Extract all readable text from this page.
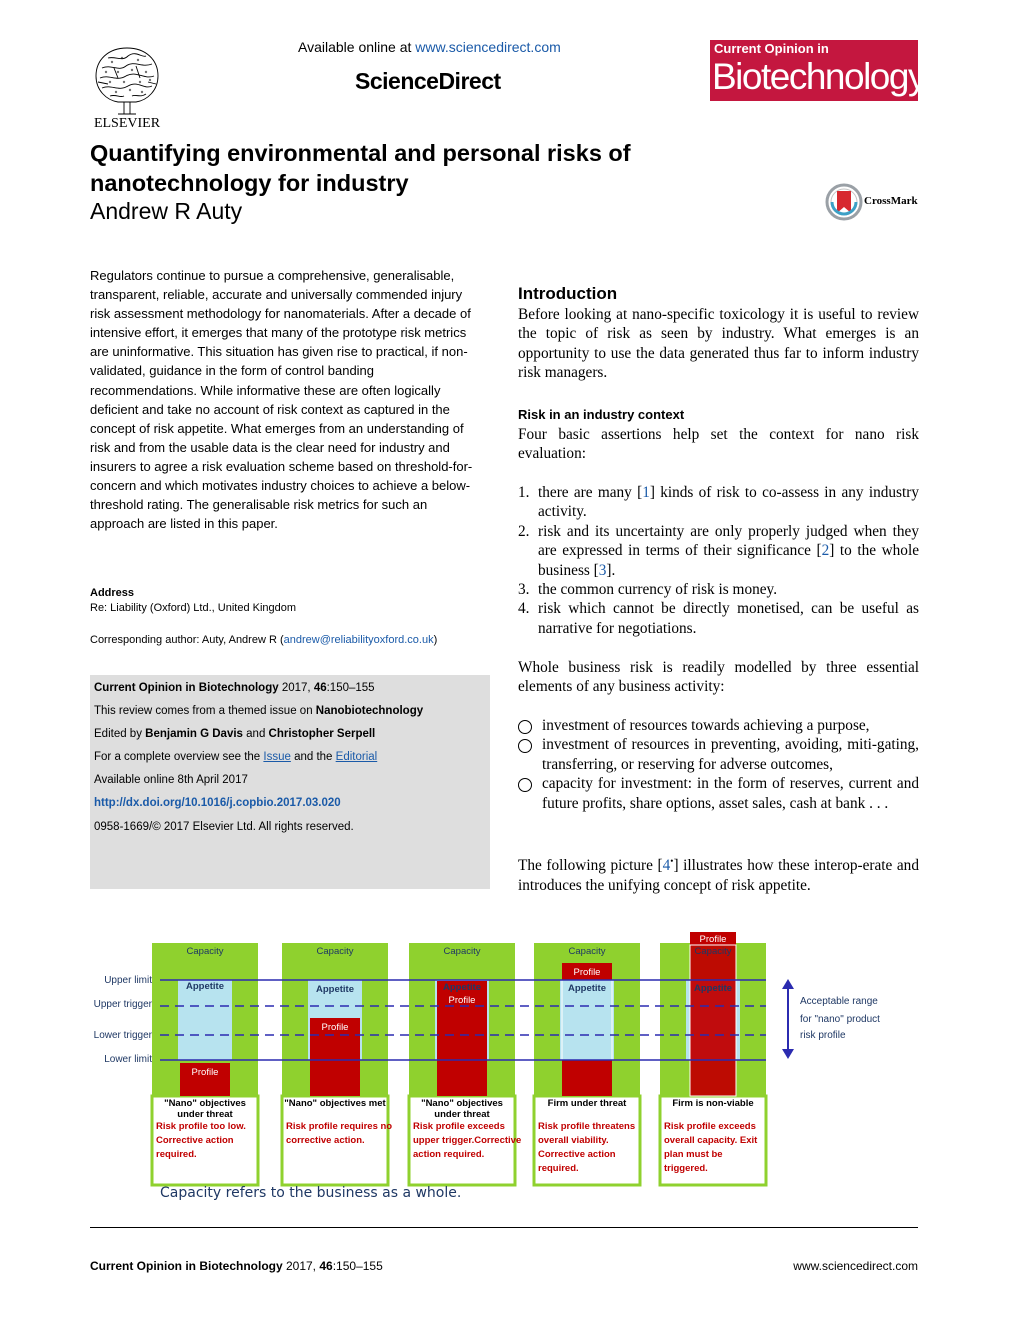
ELSEVIER
Available online at www.sciencedirect.com
ScienceDirect
Current Opinion in
Biotechnology
Quantifying environmental and personal risks of nanotechnology for industry
Andrew R Auty	CrossMark
Regulators continue to pursue a comprehensive, generalisable, transparent, reliable, accurate and universally commended injury risk assessment methodology for nanomaterials. After a decade of intensive effort, it emerges that many of the prototype risk metrics are uninformative. This situation has given rise to practical, if non-validated, guidance in the form of control banding recommendations. While informative these are often logically deficient and take no account of risk context as captured in the concept of risk appetite. What emerges from an understanding of risk and from the usable data is the clear need for industry and insurers to agree a risk evaluation scheme based on threshold-for-concern and which motivates industry choices to achieve a below-threshold rating. The generalisable risk metrics for such an approach are listed in this paper.
Address
Re: Liability (Oxford) Ltd., United Kingdom
Corresponding author: Auty, Andrew R (andrew@reliabilityoxford.co.uk)
Current Opinion in Biotechnology 2017, 46:150–155
This review comes from a themed issue on Nanobiotechnology
Edited by Benjamin G Davis and Christopher Serpell
For a complete overview see the Issue and the Editorial
Available online 8th April 2017
http://dx.doi.org/10.1016/j.copbio.2017.03.020
0958-1669/© 2017 Elsevier Ltd. All rights reserved.
Introduction
Before looking at nano-specific toxicology it is useful to review the topic of risk as seen by industry. What emerges is an opportunity to use the data generated thus far to inform industry risk managers.
Risk in an industry context
Four basic assertions help set the context for nano risk evaluation:
1. there are many [1] kinds of risk to co-assess in any industry activity.
2. risk and its uncertainty are only properly judged when they are expressed in terms of their significance [2] to the whole business [3].
3. the common currency of risk is money.
4. risk which cannot be directly monetised, can be useful as narrative for negotiations.
Whole business risk is readily modelled by three essential elements of any business activity:
investment of resources towards achieving a purpose,
investment of resources in preventing, avoiding, miti-gating, transferring, or reserving for adverse outcomes,
capacity for investment: in the form of reserves, current and future profits, share options, asset sales, cash at bank . . .
The following picture [4•] illustrates how these interop-erate and introduces the unifying concept of risk appetite.
Upper limit
Upper trigger
Lower trigger
Lower limit
Capacity
Appetite
Profile
"Nano" objectives
under threat
Risk profile too low.
Corrective action
required.
Capacity
Appetite
Profile
"Nano" objectives met
Risk profile requires no
corrective action.
Capacity
Appetite
Profile
"Nano" objectives
under threat
Risk profile exceeds
upper trigger.Corrective
action required.
Capacity
Appetite
Profile
Firm under threat
Risk profile threatens
overall viability.
Corrective action
required.
Capacity
Appetite
Profile
Firm is non-viable
Risk profile exceeds
overall capacity. Exit
plan must be
triggered.
Acceptable range
for "nano" product
risk profile
Capacity refers to the business as a whole.
Current Opinion in Biotechnology 2017, 46:150–155	www.sciencedirect.com
